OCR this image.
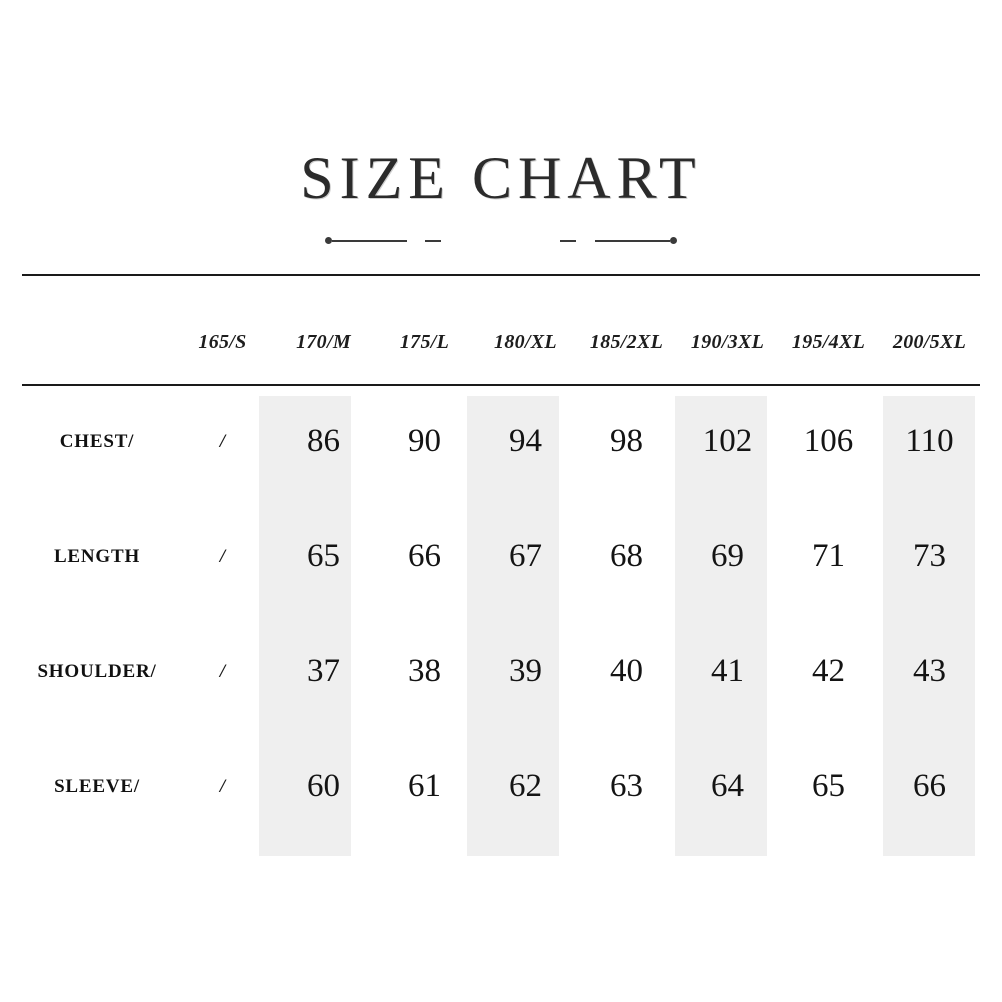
SIZE CHART
	165/S	170/M	175/L	180/XL	185/2XL	190/3XL	195/4XL	200/5XL
CHEST/	/	86	90	94	98	102	106	110
LENGTH	/	65	66	67	68	69	71	73
SHOULDER/	/	37	38	39	40	41	42	43
SLEEVE/	/	60	61	62	63	64	65	66
